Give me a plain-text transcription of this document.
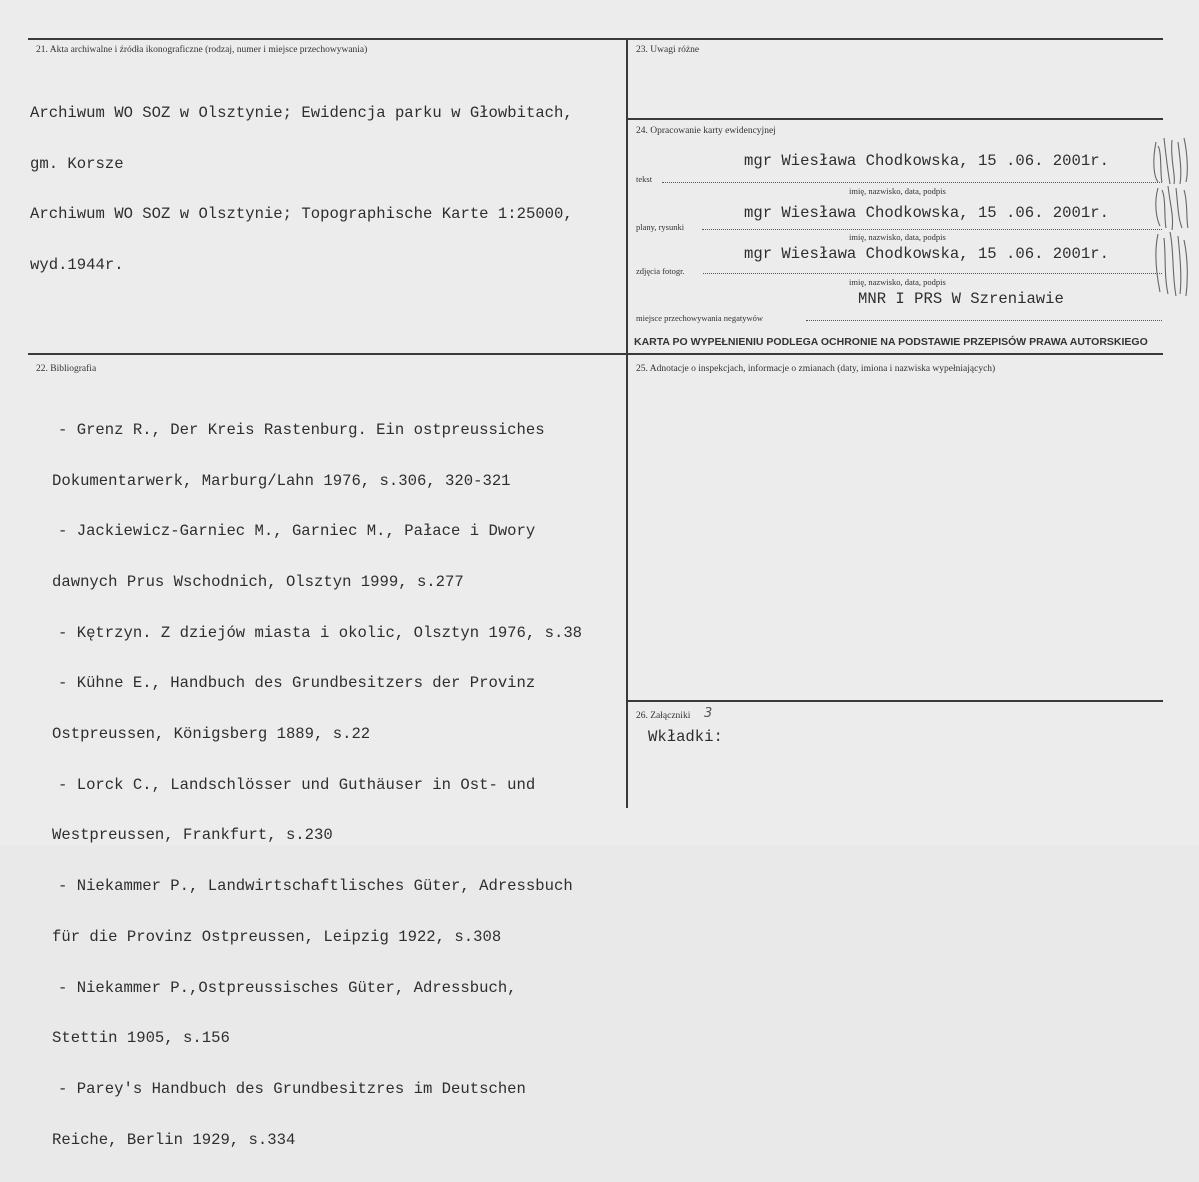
21. Akta archiwalne i źródła ikonograficzne (rodzaj, numer i miejsce przechowywania)

Archiwum WO SOZ w Olsztynie; Ewidencja parku w Głowbitach,

gm. Korsze

Archiwum WO SOZ w Olsztynie; Topographische Karte 1:25000,

wyd.1944r.

23. Uwagi różne
24. Opracowanie karty ewidencyjnej
mgr Wiesława Chodkowska, 15 .06. 2001r.
tekst
imię, nazwisko, data, podpis
mgr Wiesława Chodkowska, 15 .06. 2001r.
plany, rysunki
imię, nazwisko, data, podpis
mgr Wiesława Chodkowska, 15 .06. 2001r.
zdjęcia fotogr.
imię, nazwisko, data, podpis
MNR I PRS W Szreniawie
miejsce przechowywania negatywów
KARTA PO WYPEŁNIENIU PODLEGA OCHRONIE NA PODSTAWIE PRZEPISÓW PRAWA AUTORSKIEGO
22. Bibliografia

- Grenz R., Der Kreis Rastenburg. Ein ostpreussiches

Dokumentarwerk, Marburg/Lahn 1976, s.306, 320-321

- Jackiewicz-Garniec M., Garniec M., Pałace i Dwory

dawnych Prus Wschodnich, Olsztyn 1999, s.277

- Kętrzyn. Z dziejów miasta i okolic, Olsztyn 1976, s.38

- Kühne E., Handbuch des Grundbesitzers der Provinz

Ostpreussen, Königsberg 1889, s.22

- Lorck C., Landschlösser und Guthäuser in Ost- und

Westpreussen, Frankfurt, s.230

- Niekammer P., Landwirtschaftlisches Güter, Adressbuch

für die Provinz Ostpreussen, Leipzig 1922, s.308

- Niekammer P.,Ostpreussisches Güter, Adressbuch,

Stettin 1905, s.156

- Parey's Handbuch des Grundbesitzres im Deutschen

Reiche, Berlin 1929, s.334

25. Adnotacje o inspekcjach, informacje o zmianach (daty, imiona i nazwiska wypełniających)
26. Załączniki 3
Wkładki:
